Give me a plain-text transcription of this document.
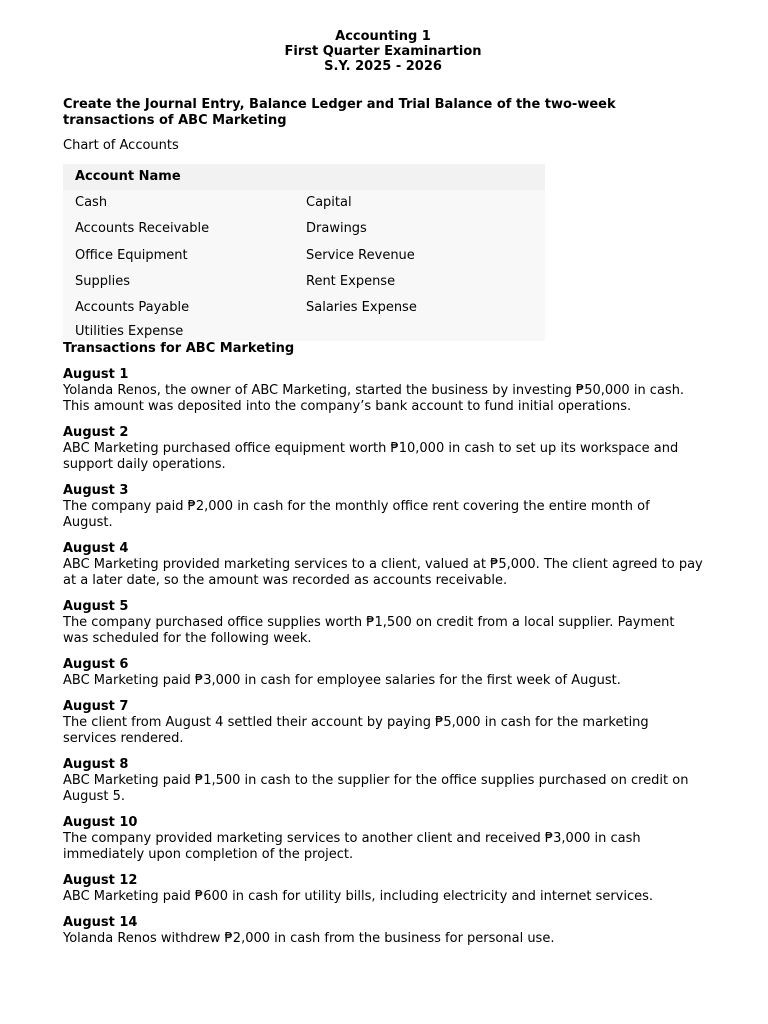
Accounting 1
First Quarter Examinartion
S.Y. 2025 - 2026
Create the Journal Entry, Balance Ledger and Trial Balance of the two-week transactions of ABC Marketing
Chart of Accounts
Account Name
Cash	Capital
Accounts Receivable	Drawings
Office Equipment	Service Revenue
Supplies	Rent Expense
Accounts Payable	Salaries Expense
Utilities Expense
Transactions for ABC Marketing
August 1
Yolanda Renos, the owner of ABC Marketing, started the business by investing ₱50,000 in cash. This amount was deposited into the company’s bank account to fund initial operations.
August 2
ABC Marketing purchased office equipment worth ₱10,000 in cash to set up its workspace and support daily operations.
August 3
The company paid ₱2,000 in cash for the monthly office rent covering the entire month of August.
August 4
ABC Marketing provided marketing services to a client, valued at ₱5,000. The client agreed to pay at a later date, so the amount was recorded as accounts receivable.
August 5
The company purchased office supplies worth ₱1,500 on credit from a local supplier. Payment was scheduled for the following week.
August 6
ABC Marketing paid ₱3,000 in cash for employee salaries for the first week of August.
August 7
The client from August 4 settled their account by paying ₱5,000 in cash for the marketing services rendered.
August 8
ABC Marketing paid ₱1,500 in cash to the supplier for the office supplies purchased on credit on August 5.
August 10
The company provided marketing services to another client and received ₱3,000 in cash immediately upon completion of the project.
August 12
ABC Marketing paid ₱600 in cash for utility bills, including electricity and internet services.
August 14
Yolanda Renos withdrew ₱2,000 in cash from the business for personal use.
